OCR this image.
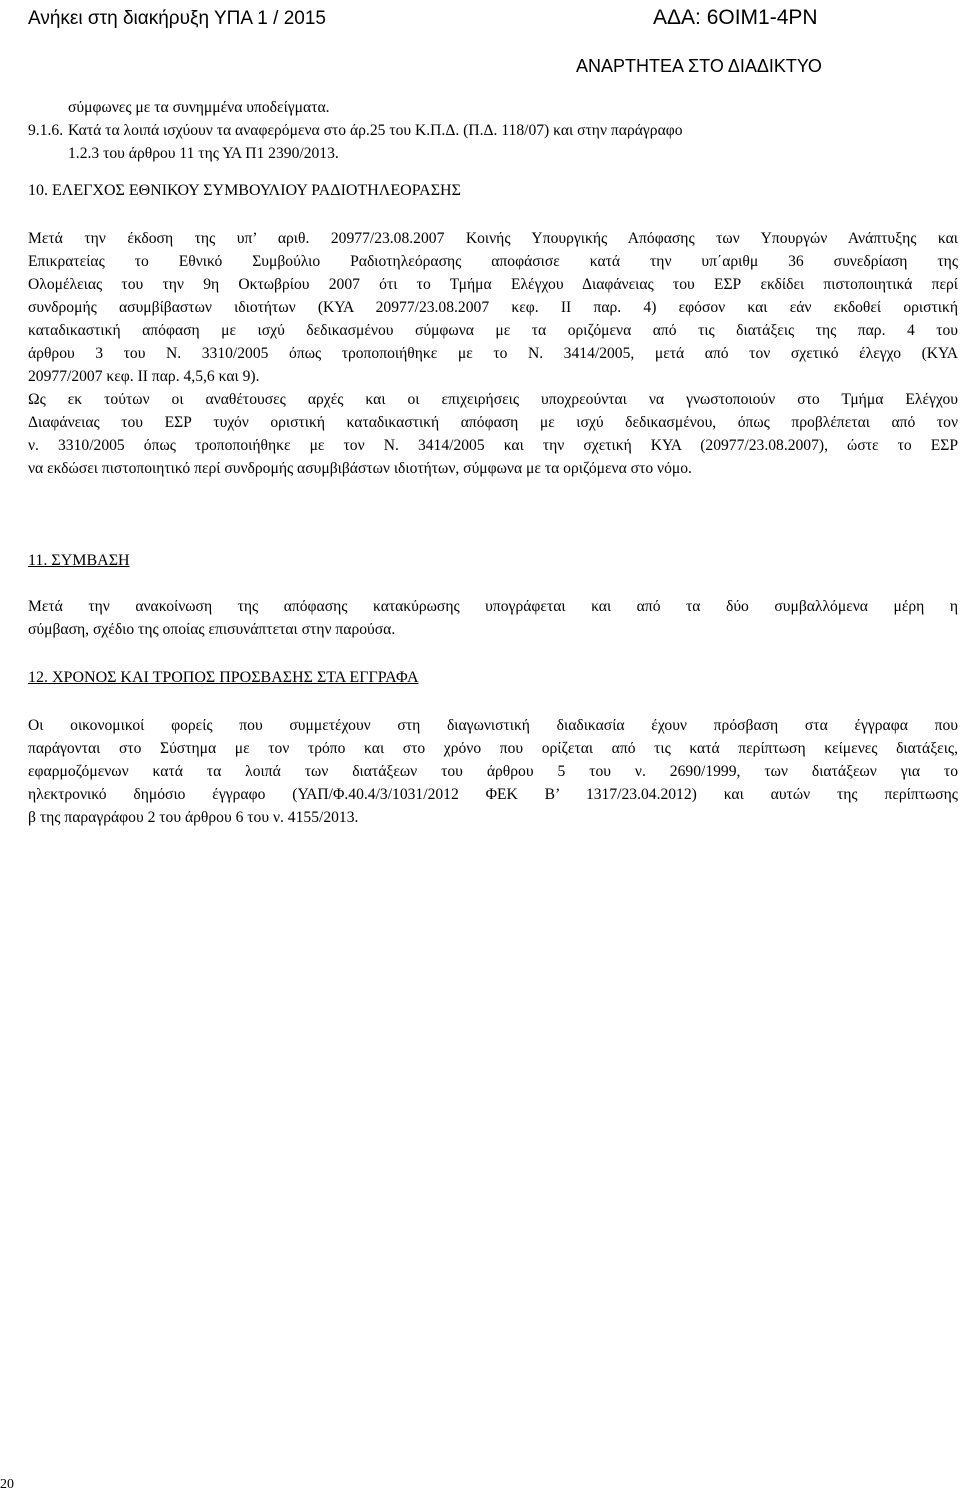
Ανήκει στη διακήρυξη ΥΠΑ 1 / 2015	ΑΔΑ: 6ΟΙΜ1-4ΡΝ
ΑΝΑΡΤΗΤΕΑ ΣΤΟ ΔΙΑΔΙΚΤΥΟ
σύμφωνες με τα συνημμένα υποδείγματα.
9.1.6. Κατά τα λοιπά ισχύουν τα αναφερόμενα στο άρ.25 του Κ.Π.Δ. (Π.Δ. 118/07) και στην παράγραφο
1.2.3 του άρθρου 11 της ΥΑ Π1 2390/2013.
10. ΕΛΕΓΧΟΣ ΕΘΝΙΚΟΥ ΣΥΜΒΟΥΛΙΟΥ ΡΑΔΙΟΤΗΛΕΟΡΑΣΗΣ
Μετά την έκδοση της υπ’ αριθ. 20977/23.08.2007 Κοινής Υπουργικής Απόφασης των Υπουργών Ανάπτυξης και
Επικρατείας το Εθνικό Συμβούλιο Ραδιοτηλεόρασης αποφάσισε κατά την υπ΄αριθμ 36 συνεδρίαση της
Ολομέλειας του την 9η Οκτωβρίου 2007 ότι το Τμήμα Ελέγχου Διαφάνειας του ΕΣΡ εκδίδει πιστοποιητικά περί
συνδρομής ασυμβίβαστων ιδιοτήτων (ΚΥΑ 20977/23.08.2007 κεφ. ΙΙ παρ. 4) εφόσον και εάν εκδοθεί οριστική
καταδικαστική απόφαση με ισχύ δεδικασμένου σύμφωνα με τα οριζόμενα από τις διατάξεις της παρ. 4 του
άρθρου 3 του Ν. 3310/2005 όπως τροποποιήθηκε με το Ν. 3414/2005, μετά από τον σχετικό έλεγχο (ΚΥΑ
20977/2007 κεφ. ΙΙ παρ. 4,5,6 και 9).
Ως εκ τούτων οι αναθέτουσες αρχές και οι επιχειρήσεις υποχρεούνται να γνωστοποιούν στο Τμήμα Ελέγχου
Διαφάνειας του ΕΣΡ τυχόν οριστική καταδικαστική απόφαση με ισχύ δεδικασμένου, όπως προβλέπεται από τον
ν. 3310/2005 όπως τροποποιήθηκε με τον Ν. 3414/2005 και την σχετική ΚΥΑ (20977/23.08.2007), ώστε το ΕΣΡ
να εκδώσει πιστοποιητικό περί συνδρομής ασυμβιβάστων ιδιοτήτων, σύμφωνα με τα οριζόμενα στο νόμο.
11. ΣΥΜΒΑΣΗ
Μετά την ανακοίνωση της απόφασης κατακύρωσης υπογράφεται και από τα δύο συμβαλλόμενα μέρη η
σύμβαση, σχέδιο της οποίας επισυνάπτεται στην παρούσα.
12. ΧΡΟΝΟΣ ΚΑΙ ΤΡΟΠΟΣ ΠΡΟΣΒΑΣΗΣ ΣΤΑ ΕΓΓΡΑΦΑ
Οι οικονομικοί φορείς που συμμετέχουν στη διαγωνιστική διαδικασία έχουν πρόσβαση στα έγγραφα που
παράγονται στο Σύστημα με τον τρόπο και στο χρόνο που ορίζεται από τις κατά περίπτωση κείμενες διατάξεις,
εφαρμοζόμενων κατά τα λοιπά των διατάξεων του άρθρου 5 του ν. 2690/1999, των διατάξεων για το
ηλεκτρονικό δημόσιο έγγραφο (ΥΑΠ/Φ.40.4/3/1031/2012 ΦΕΚ Β’ 1317/23.04.2012) και αυτών της περίπτωσης
β της παραγράφου 2 του άρθρου 6 του ν. 4155/2013.
20
